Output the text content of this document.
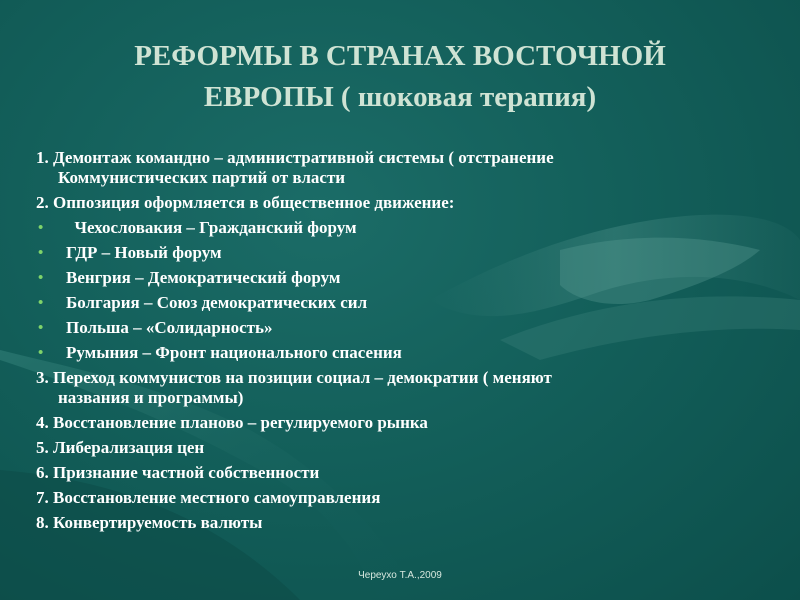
РЕФОРМЫ В СТРАНАХ ВОСТОЧНОЙ
ЕВРОПЫ ( шоковая терапия)
1. Демонтаж командно – административной системы ( отстранение
Коммунистических партий от власти
2. Оппозиция оформляется в общественное движение:
• Чехословакия – Гражданский форум
• ГДР – Новый форум
• Венгрия – Демократический форум
• Болгария – Союз демократических сил
• Польша – «Солидарность»
• Румыния – Фронт национального спасения
3. Переход коммунистов на позиции социал – демократии ( меняют
названия и программы)
4. Восстановление планово – регулируемого рынка
5. Либерализация цен
6. Признание частной собственности
7. Восстановление местного самоуправления
8. Конвертируемость валюты
Череухо Т.А.,2009
